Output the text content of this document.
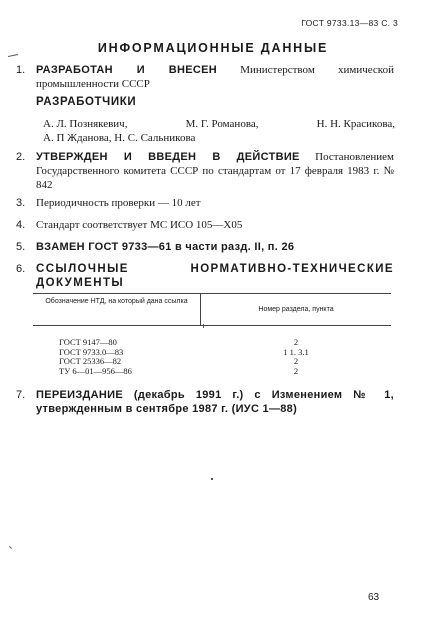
ГОСТ 9733.13—83 С. 3
ИНФОРМАЦИОННЫЕ ДАННЫЕ
1. РАЗРАБОТАН И ВНЕСЕН Министерством химической промышленности СССР
РАЗРАБОТЧИКИ
А. Л. Познякевич,	М. Г. Романова,	Н. Н. Красикова,
А. П Жданова, Н. С. Сальникова
2. УТВЕРЖДЕН И ВВЕДЕН В ДЕЙСТВИЕ Постановлением Государственного комитета СССР по стандартам от 17 февраля 1983 г. № 842
3. Периодичность проверки — 10 лет
4. Стандарт соответствует МС ИСО 105—Х05
5. ВЗАМЕН ГОСТ 9733—61 в части разд. II, п. 26
6. ССЫЛОЧНЫЕ НОРМАТИВНО-ТЕХНИЧЕСКИЕ ДОКУМЕНТЫ
Обозначение НТД, на который дана ссылка
Номер раздела, пункта
ГОСТ 9147—80
ГОСТ 9733.0—83
ГОСТ 25336—82
ТУ 6—01—956—86
2
1 1. 3.1
2
2
7. ПЕРЕИЗДАНИЕ (декабрь 1991 г.) с Изменением № 1, утвержденным в сентябре 1987 г. (ИУС 1—88)
63
